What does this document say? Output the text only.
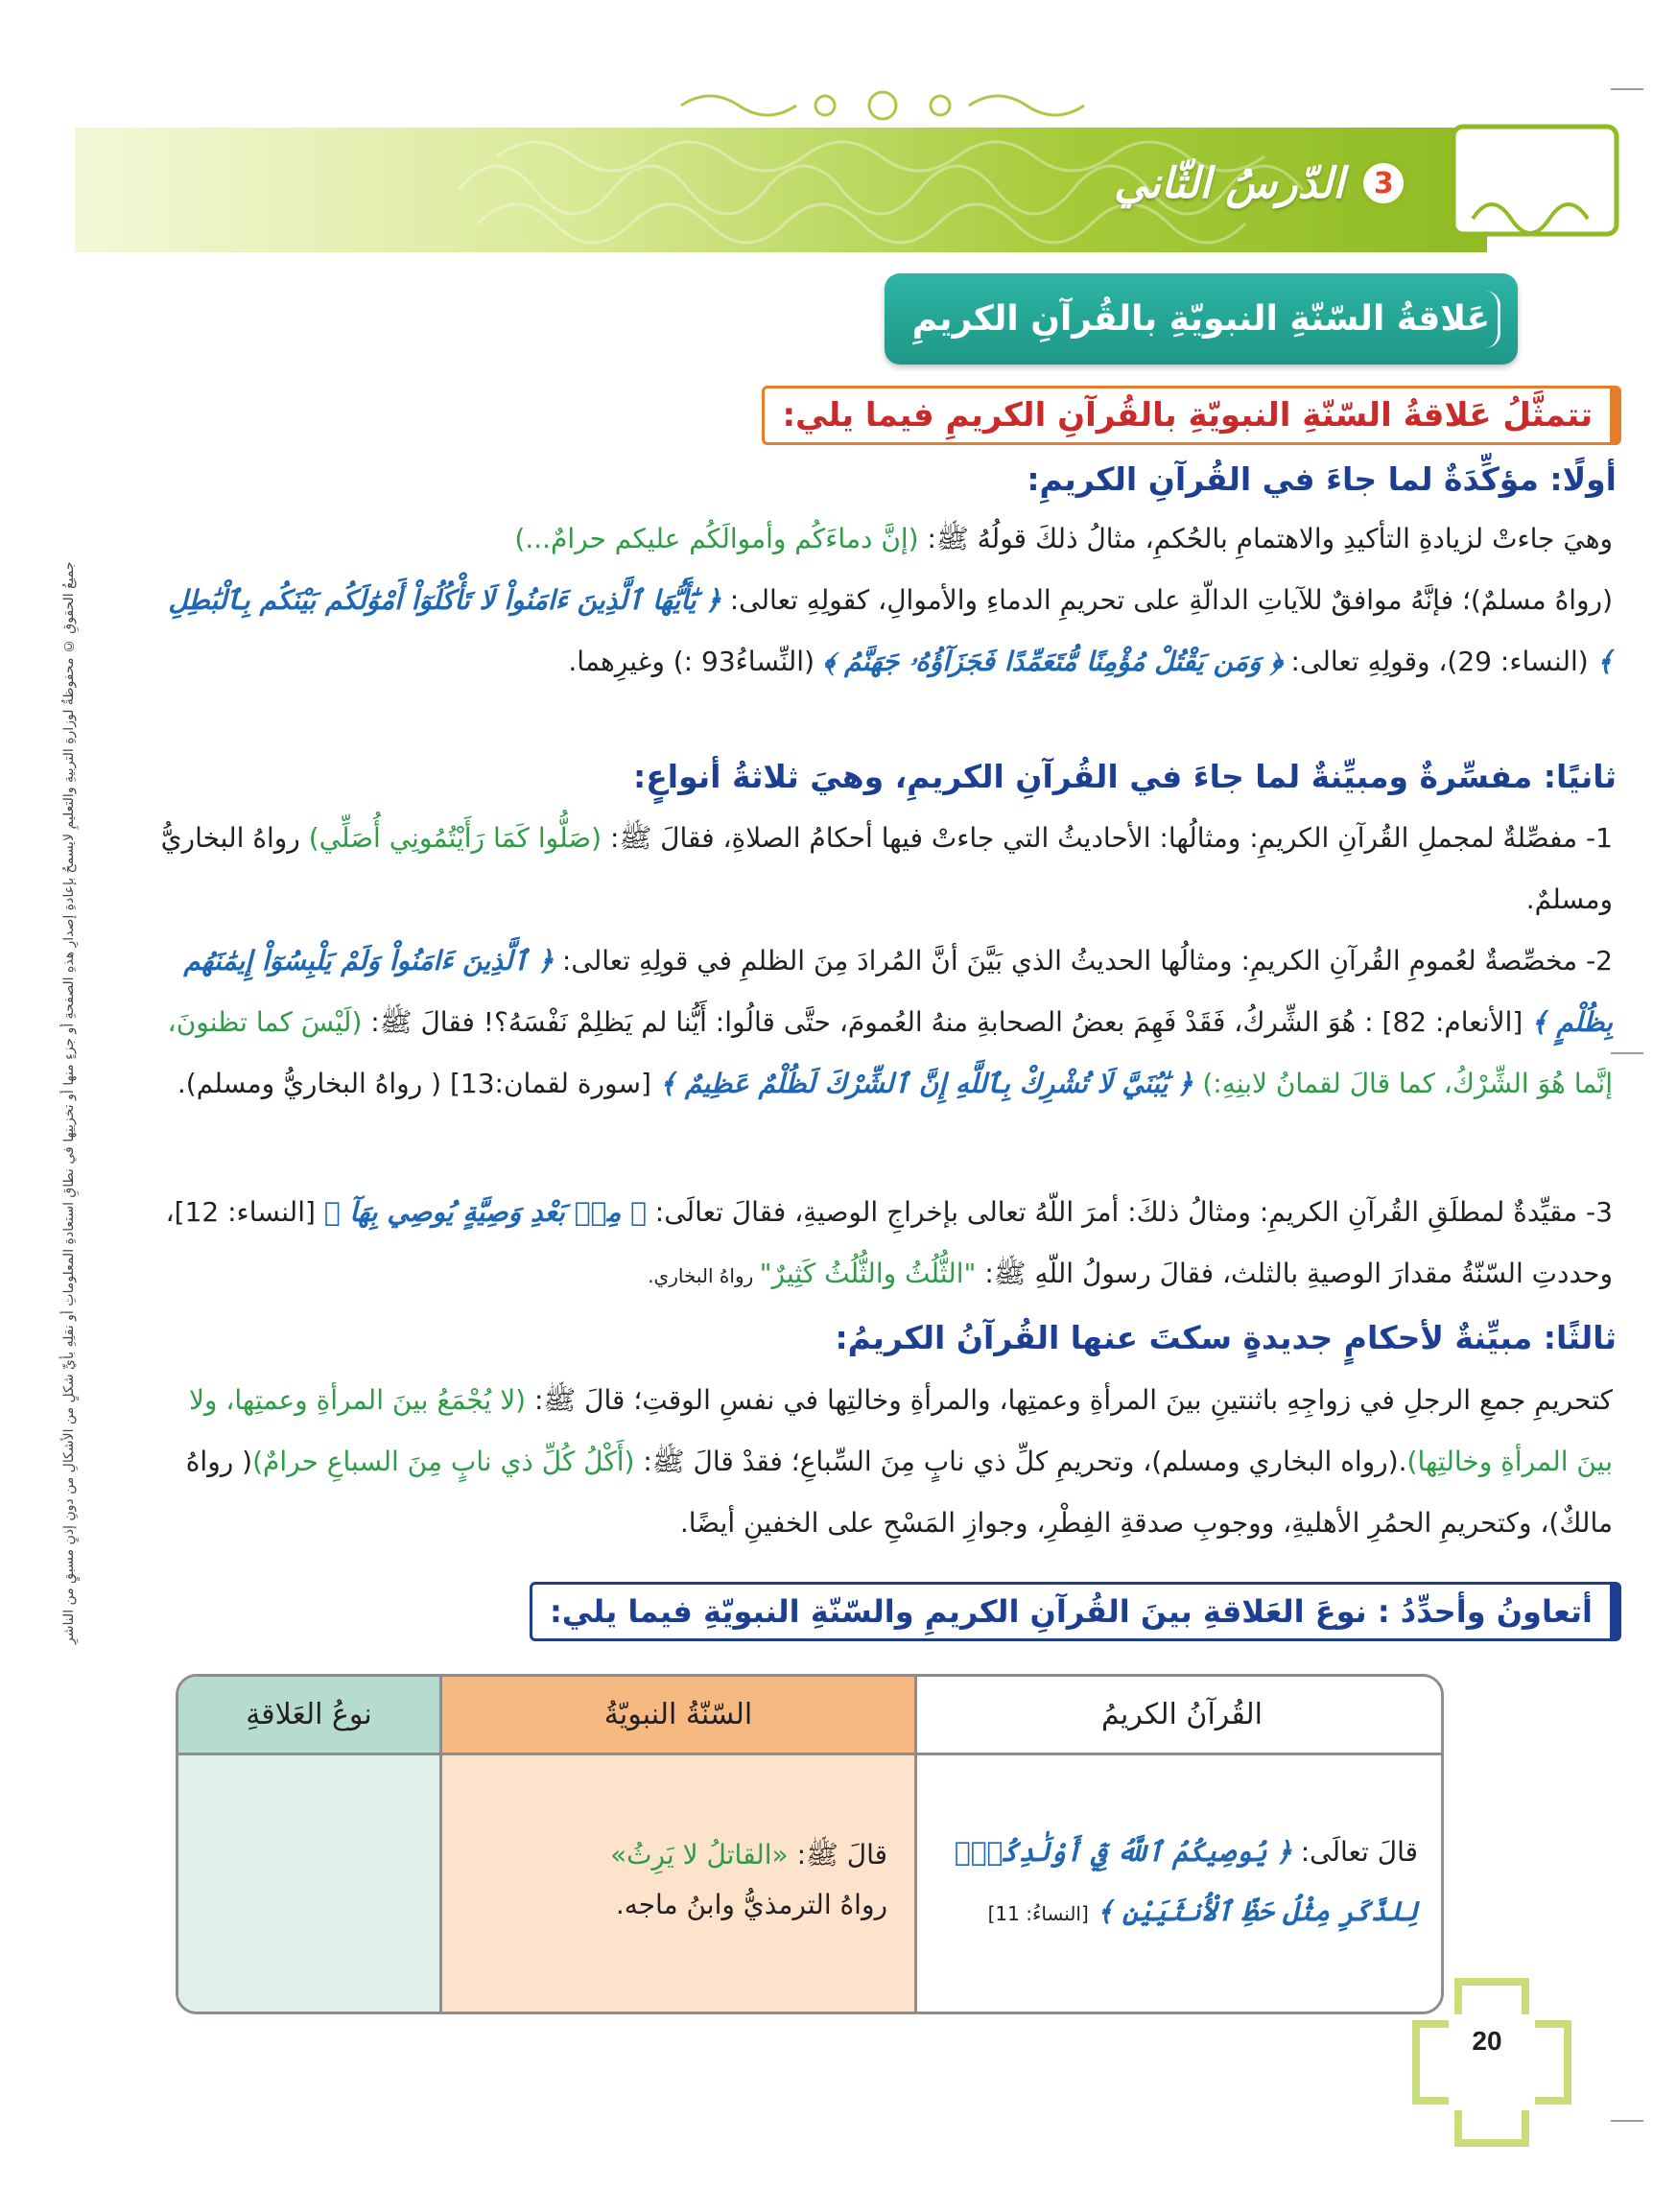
3
الدّرسُ الثّاني
عَلاقةُ السّنّةِ النبويّةِ بالقُرآنِ الكريمِ
تتمثَّلُ عَلاقةُ السّنّةِ النبويّةِ بالقُرآنِ الكريمِ فيما يلي:
أولًا: مؤكِّدَةٌ لما جاءَ في القُرآنِ الكريمِ:
وهيَ جاءتْ لزيادةِ التأكيدِ والاهتمامِ بالحُكمِ، مثالُ ذلكَ قولُهُ ﷺ: (إنَّ دماءَكُم وأموالَكُم عليكم حرامٌ...)
(رواهُ مسلمٌ)؛ فإنَّهُ موافقٌ للآياتِ الدالّةِ على تحريمِ الدماءِ والأموالِ، كقولِهِ تعالى: ﴿ يَٰٓأَيُّهَا ٱلَّذِينَ ءَامَنُواْ لَا تَأْكُلُوٓاْ أَمْوَٰلَكُم بَيْنَكُم بِٱلْبَٰطِلِ ﴾ (النساء: 29)، وقولِهِ تعالى: ﴿ وَمَن يَقْتُلْ مُؤْمِنًا مُّتَعَمِّدًا فَجَزَآؤُهُۥ جَهَنَّمُ ﴾ (النِّساءُ93 :) وغيرِهما.
ثانيًا: مفسِّرةٌ ومبيِّنةٌ لما جاءَ في القُرآنِ الكريمِ، وهيَ ثلاثةُ أنواعٍ:
1- مفصِّلةٌ لمجملِ القُرآنِ الكريمِ: ومثالُها: الأحاديثُ التي جاءتْ فيها أحكامُ الصلاةِ، فقالَ ﷺ: (صَلُّوا كَمَا رَأَيْتُمُونِي أُصَلِّي) رواهُ البخاريُّ ومسلمٌ.
2- مخصِّصةٌ لعُمومِ القُرآنِ الكريمِ: ومثالُها الحديثُ الذي بَيَّنَ أنَّ المُرادَ مِنَ الظلمِ في قولِهِ تعالى: ﴿ ٱلَّذِينَ ءَامَنُواْ وَلَمْ يَلْبِسُوٓاْ إِيمَٰنَهُم بِظُلْمٍ ﴾ [الأنعام: 82] : هُوَ الشِّركُ، فَقَدْ فَهِمَ بعضُ الصحابةِ منهُ العُمومَ، حتَّى قالُوا: أَيُّنا لم يَظلِمْ نَفْسَهُ؟! فقالَ ﷺ: (لَيْسَ كما تظنونَ، إنَّما هُوَ الشِّرْكُ، كما قالَ لقمانُ لابنِهِ:) ﴿ يَٰبُنَيَّ لَا تُشْرِكْ بِٱللَّهِ إِنَّ ٱلشِّرْكَ لَظُلْمٌ عَظِيمٌ ﴾ [سورة لقمان:13] ( رواهُ البخاريُّ ومسلم).
3- مقيِّدةٌ لمطلَقِ القُرآنِ الكريمِ: ومثالُ ذلكَ: أمرَ اللّهُ تعالى بإخراجِ الوصيةِ، فقالَ تعالَى: ﴿ مِنۢ بَعْدِ وَصِيَّةٍ يُوصِي بِهَآ ﴾ [النساء: 12]، وحددتِ السّنّةُ مقدارَ الوصيةِ بالثلث، فقالَ رسولُ اللّهِ ﷺ: "الثُّلُثُ والثُّلُثُ كَثِيرٌ" رواهُ البخاري.
ثالثًا: مبيِّنةٌ لأحكامٍ جديدةٍ سكتَ عنها القُرآنُ الكريمُ:
كتحريمِ جمعِ الرجلِ في زواجِهِ باثنتينِ بينَ المرأةِ وعمتِها، والمرأةِ وخالتِها في نفسِ الوقتِ؛ قالَ ﷺ: (لا يُجْمَعُ بينَ المرأةِ وعمتِها، ولا بينَ المرأةِ وخالتِها).(رواه البخاري ومسلم)، وتحريمِ كلِّ ذي نابٍ مِنَ السِّباعِ؛ فقدْ قالَ ﷺ: (أَكْلُ كُلِّ ذي نابٍ مِنَ السباعِ حرامٌ)( رواهُ مالكٌ)، وكتحريمِ الحمُرِ الأهليةِ، ووجوبِ صدقةِ الفِطْرِ، وجوازِ المَسْحِ على الخفينِ أيضًا.
أتعاونُ وأحدِّدُ : نوعَ العَلاقةِ بينَ القُرآنِ الكريمِ والسّنّةِ النبويّةِ فيما يلي:
نوعُ العَلاقةِ	السّنّةُ النبويّةُ	القُرآنُ الكريمُ
قالَ ﷺ: «القاتلُ لا يَرِثُ»
رواهُ الترمذيُّ وابنُ ماجه.
قالَ تعالَى: ﴿ يُوصِيكُمُ ٱللَّهُ فِيٓ أَوْلَٰدِكُمْۖ لِلذَّكَرِ مِثْلُ حَظِّ ٱلْأُنثَيَيْنِ ﴾ [النساءُ: 11]
جميعُ الحقوقِ © محفوظةٌ لوزارةِ التربيةِ والتعليمِ لايسمحُ بإعادةِ إصدارِ هذهِ الصفحةِ أو جزءٍ منها أو تخزينِها في نطاقِ استعادةِ المعلوماتِ أو نقلِهِ بأيِّ شكلٍ من الأشكالِ من دونِ إذنٍ مسبقٍ من الناشرِ
20
